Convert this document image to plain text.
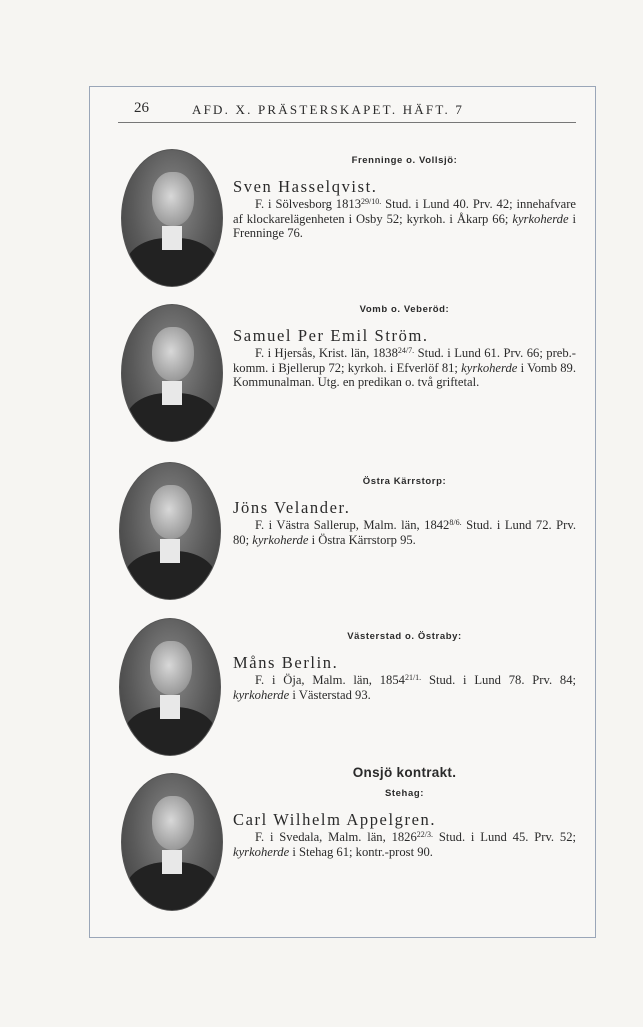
26	AFD. X. PRÄSTERSKAPET. HÄFT. 7
Frenninge o. Vollsjö:
Sven Hasselqvist.
F. i Sölvesborg $1813^{29/10.}$ Stud. i Lund 40. Prv. 42; innehafvare af klockarelägenheten i Osby 52; kyrkoh. i Åkarp 66; kyrkoherde i Frenninge 76.
Vomb o. Veberöd:
Samuel Per Emil Ström.
F. i Hjersås, Krist. län, $1838^{24/7.}$ Stud. i Lund 61. Prv. 66; preb.-komm. i Bjellerup 72; kyrkoh. i Efverlöf 81; kyrkoherde i Vomb 89. Kommunalman. Utg. en predikan o. två griftetal.
Östra Kärrstorp:
Jöns Velander.
F. i Västra Sallerup, Malm. län, $1842^{8/6.}$ Stud. i Lund 72. Prv. 80; kyrkoherde i Östra Kärrstorp 95.
Västerstad o. Östraby:
Måns Berlin.
F. i Öja, Malm. län, $1854^{21/1.}$ Stud. i Lund 78. Prv. 84; kyrkoherde i Västerstad 93.
Onsjö kontrakt.
Stehag:
Carl Wilhelm Appelgren.
F. i Svedala, Malm. län, $1826^{22/3.}$ Stud. i Lund 45. Prv. 52; kyrkoherde i Stehag 61; kontr.-prost 90.
